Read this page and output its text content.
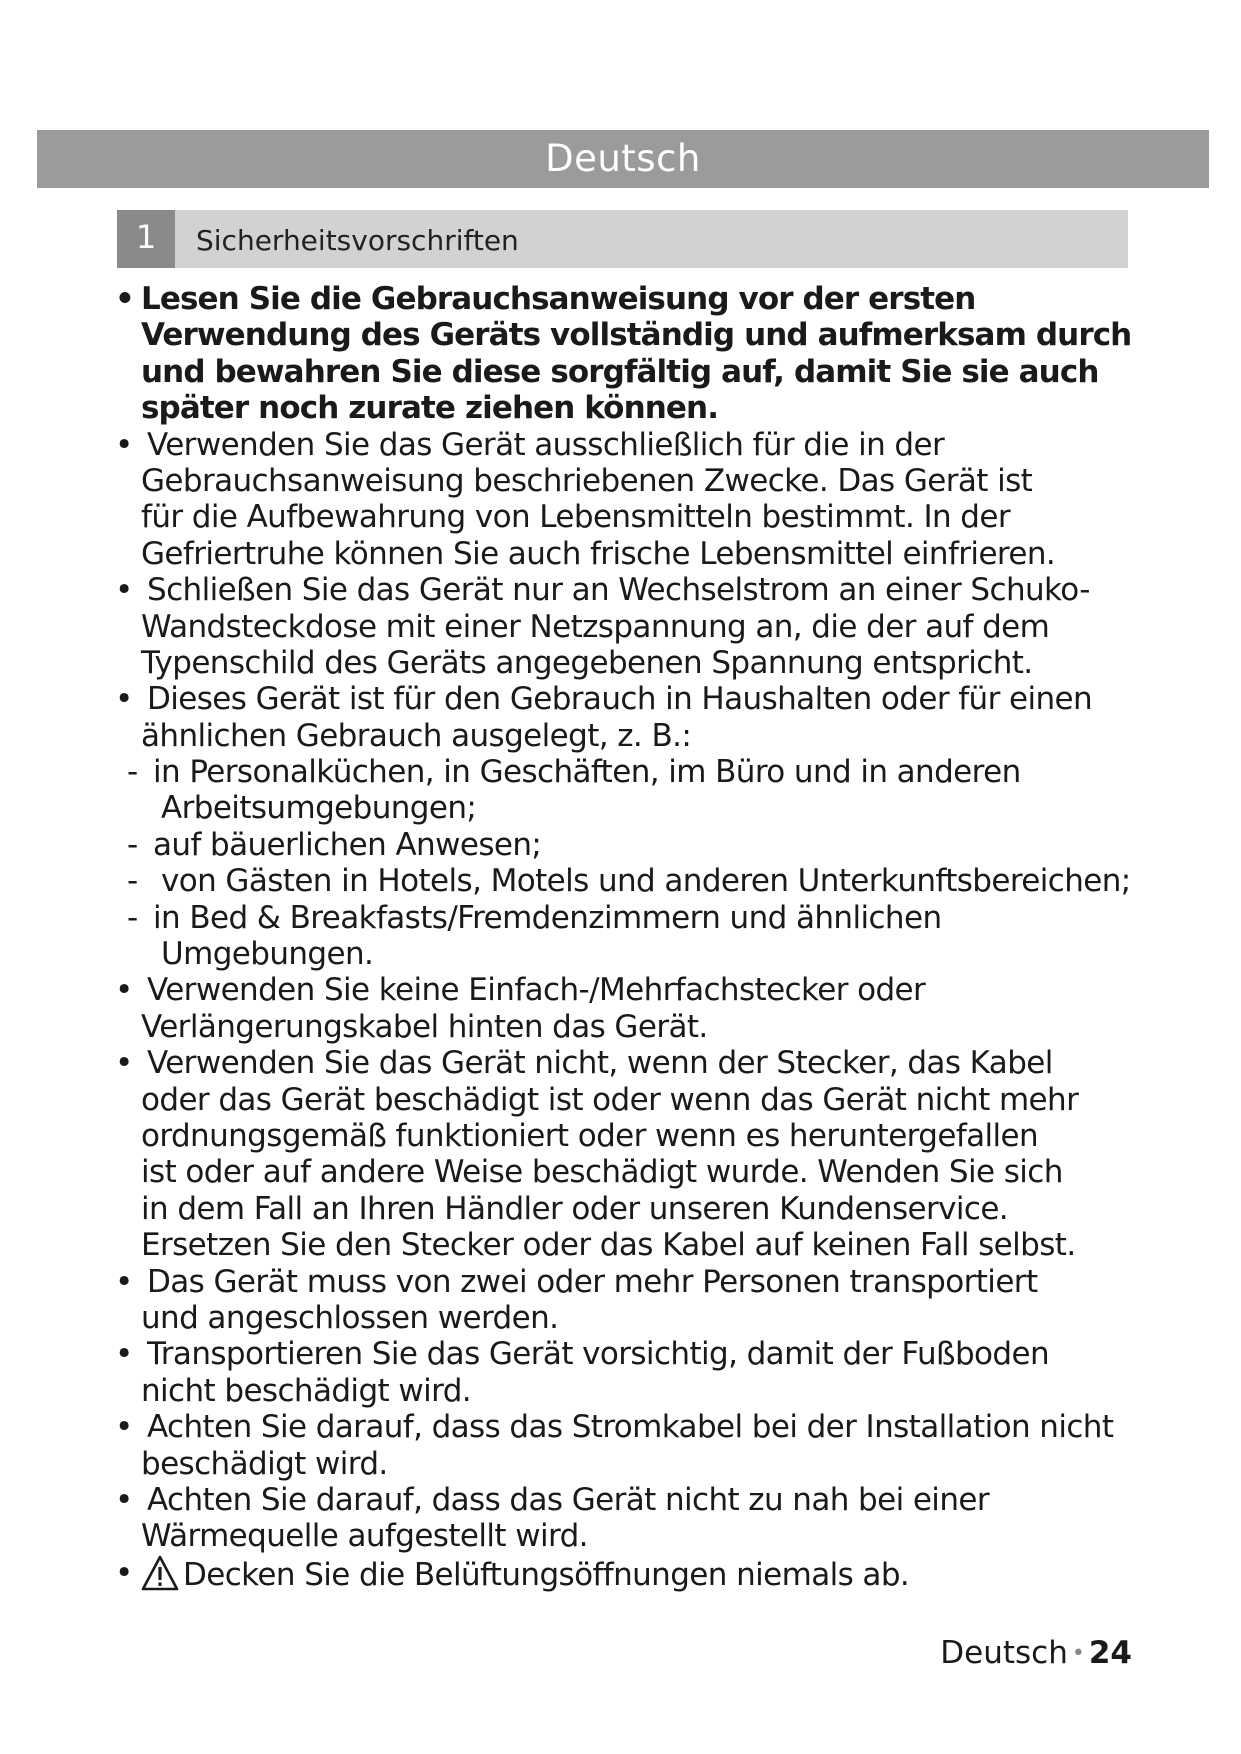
Deutsch
1	Sicherheitsvorschriften
• Lesen Sie die Gebrauchsanweisung vor der ersten
Verwendung des Geräts vollständig und aufmerksam durch
und bewahren Sie diese sorgfältig auf, damit Sie sie auch
später noch zurate ziehen können.
• Verwenden Sie das Gerät ausschließlich für die in der
Gebrauchsanweisung beschriebenen Zwecke. Das Gerät ist
für die Aufbewahrung von Lebensmitteln bestimmt. In der
Gefriertruhe können Sie auch frische Lebensmittel einfrieren.
• Schließen Sie das Gerät nur an Wechselstrom an einer Schuko-
Wandsteckdose mit einer Netzspannung an, die der auf dem
Typenschild des Geräts angegebenen Spannung entspricht.
• Dieses Gerät ist für den Gebrauch in Haushalten oder für einen
ähnlichen Gebrauch ausgelegt, z. B.:
- in Personalküchen, in Geschäften, im Büro und in anderen
Arbeitsumgebungen;
- auf bäuerlichen Anwesen;
- von Gästen in Hotels, Motels und anderen Unterkunftsbereichen;
- in Bed & Breakfasts/Fremdenzimmern und ähnlichen
Umgebungen.
• Verwenden Sie keine Einfach-/Mehrfachstecker oder
Verlängerungskabel hinten das Gerät.
• Verwenden Sie das Gerät nicht, wenn der Stecker, das Kabel
oder das Gerät beschädigt ist oder wenn das Gerät nicht mehr
ordnungsgemäß funktioniert oder wenn es heruntergefallen
ist oder auf andere Weise beschädigt wurde. Wenden Sie sich
in dem Fall an Ihren Händler oder unseren Kundenservice.
Ersetzen Sie den Stecker oder das Kabel auf keinen Fall selbst.
• Das Gerät muss von zwei oder mehr Personen transportiert
und angeschlossen werden.
• Transportieren Sie das Gerät vorsichtig, damit der Fußboden
nicht beschädigt wird.
• Achten Sie darauf, dass das Stromkabel bei der Installation nicht
beschädigt wird.
• Achten Sie darauf, dass das Gerät nicht zu nah bei einer
Wärmequelle aufgestellt wird.
•	Decken Sie die Belüftungsöffnungen niemals ab.
Deutsch • 24
